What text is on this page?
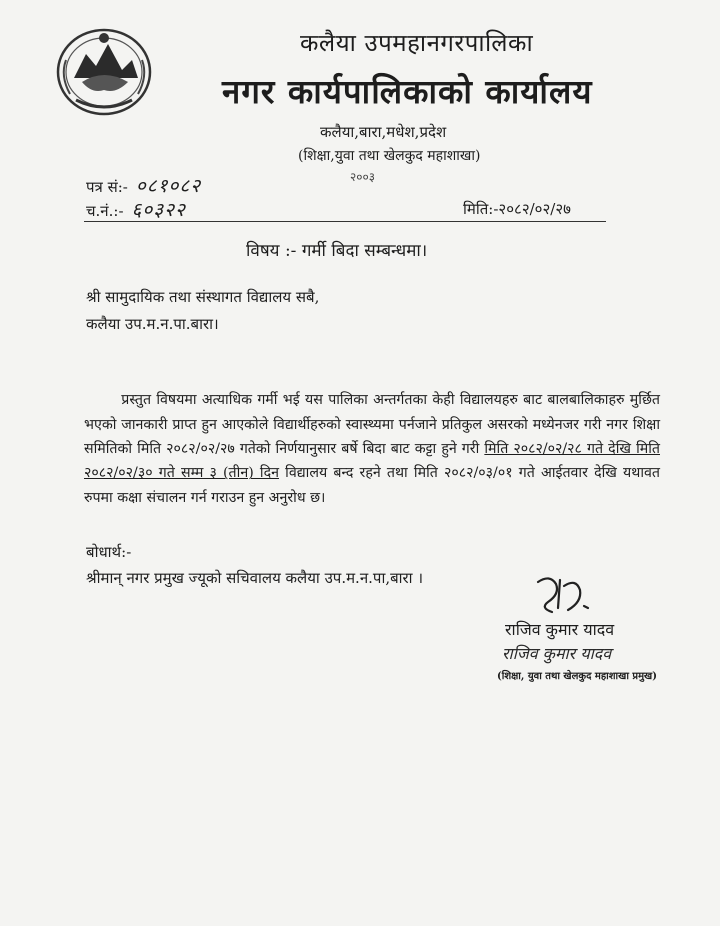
कलैया उपमहानगरपालिका
नगर कार्यपालिकाको कार्यालय
कलैया,बारा,मधेश,प्रदेश
(शिक्षा,युवा तथा खेलकुद महाशाखा)
२००३
पत्र सं:- ०८१०८२
च.नं.:- ६०३२२	मिति:-२०८२/०२/२७
विषय :- गर्मी बिदा सम्बन्धमा।
श्री सामुदायिक तथा संस्थागत विद्यालय सबै,
कलैया उप.म.न.पा.बारा।

प्रस्तुत विषयमा अत्याधिक गर्मी भई यस पालिका अन्तर्गतका केही विद्यालयहरु बाट बालबालिकाहरु मुर्छित भएको जानकारी प्राप्त हुन आएकोले विद्यार्थीहरुको स्वास्थ्यमा पर्नजाने प्रतिकुल असरको मध्येनजर गरी नगर शिक्षा समितिको मिति २०८२/०२/२७ गतेको निर्णयानुसार बर्षे बिदा बाट कट्टा हुने गरी मिति २०८२/०२/२८ गते देखि मिति २०८२/०२/३० गते सम्म ३ (तीन) दिन विद्यालय बन्द रहने तथा मिति २०८२/०३/०१ गते आईतवार देखि यथावत रुपमा कक्षा संचालन गर्न गराउन हुन अनुरोध छ।

बोधार्थ:-
श्रीमान् नगर प्रमुख ज्यूको सचिवालय कलैया उप.म.न.पा,बारा ।
राजिव कुमार यादव
राजिव कुमार यादव
(शिक्षा, युवा तथा खेलकुद महाशाखा प्रमुख)
